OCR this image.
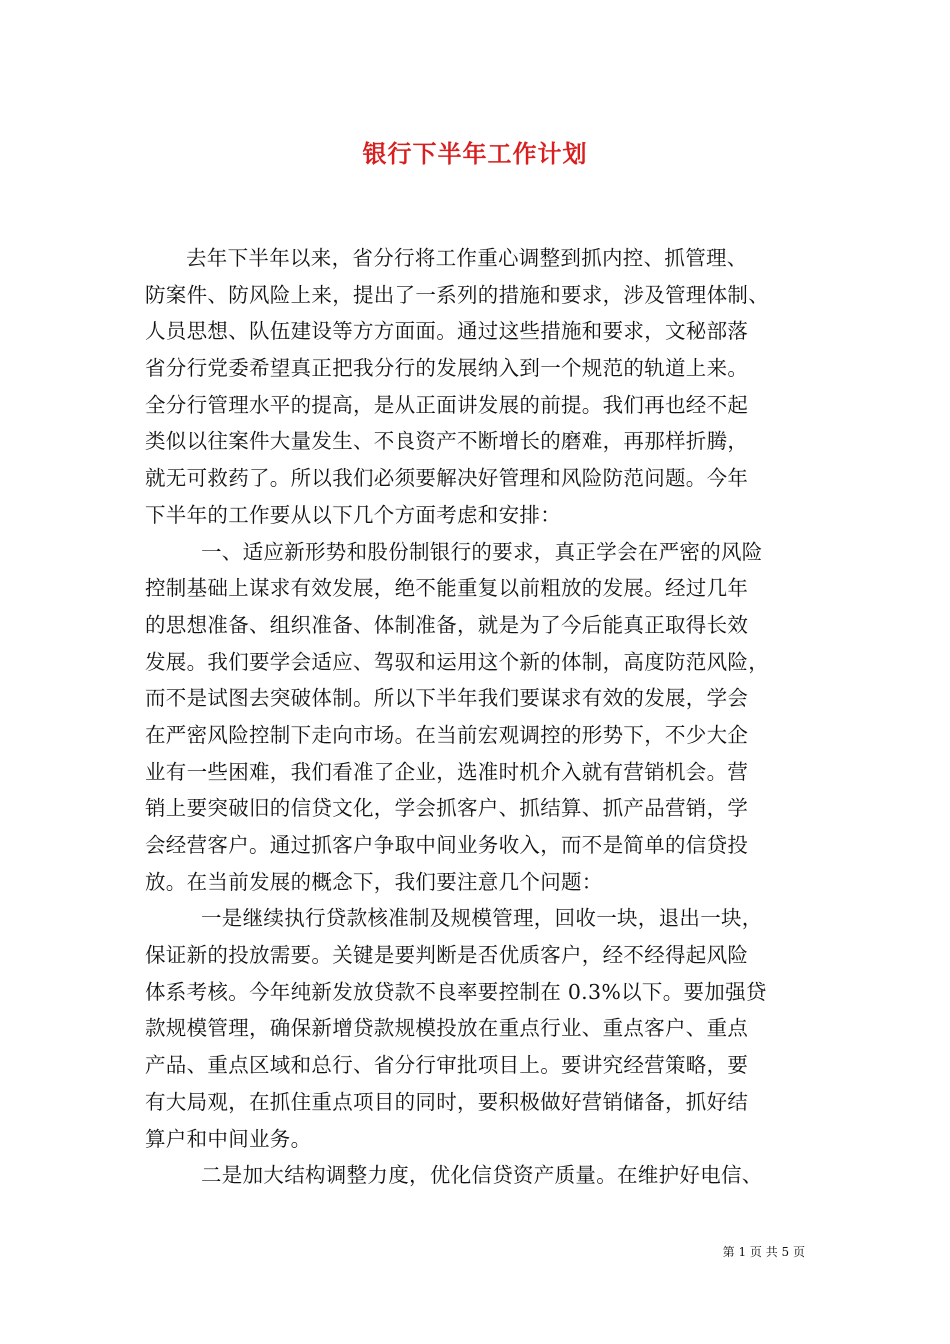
银行下半年工作计划
去年下半年以来，省分行将工作重心调整到抓内控、抓管理、
防案件、防风险上来，提出了一系列的措施和要求，涉及管理体制、
人员思想、队伍建设等方方面面。通过这些措施和要求，文秘部落
省分行党委希望真正把我分行的发展纳入到一个规范的轨道上来。
全分行管理水平的提高，是从正面讲发展的前提。我们再也经不起
类似以往案件大量发生、不良资产不断增长的磨难，再那样折腾，
就无可救药了。所以我们必须要解决好管理和风险防范问题。今年
下半年的工作要从以下几个方面考虑和安排：
一、适应新形势和股份制银行的要求，真正学会在严密的风险
控制基础上谋求有效发展，绝不能重复以前粗放的发展。经过几年
的思想准备、组织准备、体制准备，就是为了今后能真正取得长效
发展。我们要学会适应、驾驭和运用这个新的体制，高度防范风险，
而不是试图去突破体制。所以下半年我们要谋求有效的发展，学会
在严密风险控制下走向市场。在当前宏观调控的形势下，不少大企
业有一些困难，我们看准了企业，选准时机介入就有营销机会。营
销上要突破旧的信贷文化，学会抓客户、抓结算、抓产品营销，学
会经营客户。通过抓客户争取中间业务收入，而不是简单的信贷投
放。在当前发展的概念下，我们要注意几个问题：
一是继续执行贷款核准制及规模管理，回收一块，退出一块，
保证新的投放需要。关键是要判断是否优质客户，经不经得起风险
体系考核。今年纯新发放贷款不良率要控制在 0.3%以下。要加强贷
款规模管理，确保新增贷款规模投放在重点行业、重点客户、重点
产品、重点区域和总行、省分行审批项目上。要讲究经营策略，要
有大局观，在抓住重点项目的同时，要积极做好营销储备，抓好结
算户和中间业务。
二是加大结构调整力度，优化信贷资产质量。在维护好电信、
第 1 页 共 5 页
